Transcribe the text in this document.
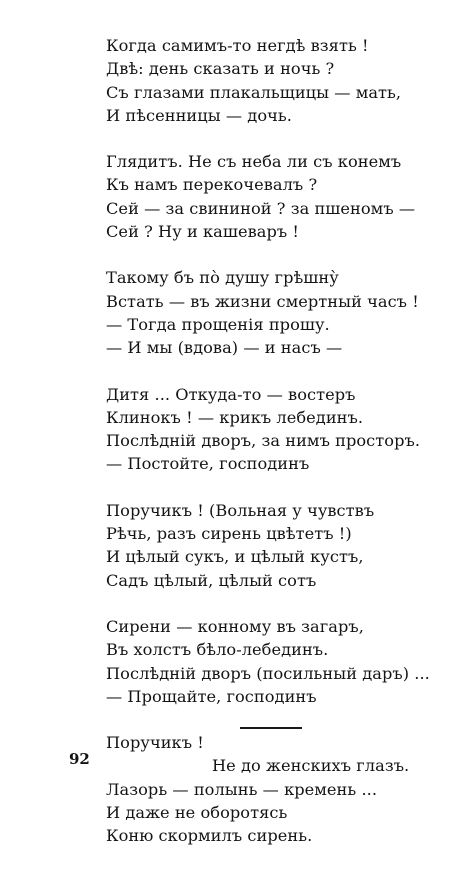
Когда самимъ-то негдѣ взять !
Двѣ: день сказать и ночь ?
Съ глазами плакальщицы — мать,
И пѣсенницы — дочь.
Глядитъ. Не съ неба ли съ конемъ
Къ намъ перекочевалъ ?
Сей — за свининой ? за пшеномъ —
Сей ? Ну и кашеваръ !
Такому бъ по̀ душу грѣшну̀
Встать — въ жизни смертный часъ !
— Тогда прощенія прошу.
— И мы (вдова) — и насъ —
Дитя ... Откуда-то — востеръ
Клинокъ ! — крикъ лебединъ.
Послѣдній дворъ, за нимъ просторъ.
— Постойте, господинъ
Поручикъ ! (Вольная у чувствъ
Рѣчь, разъ сирень цвѣтетъ !)
И цѣлый сукъ, и цѣлый кустъ,
Садъ цѣлый, цѣлый сотъ
Сирени — конному въ загаръ,
Въ холстъ бѣло-лебединъ.
Послѣдній дворъ (посильный даръ) ...
— Прощайте, господинъ
Поручикъ !
Не до женскихъ глазъ.
Лазорь — полынь — кремень ...
И даже не оборотясь
Коню скормилъ сирень.
92
